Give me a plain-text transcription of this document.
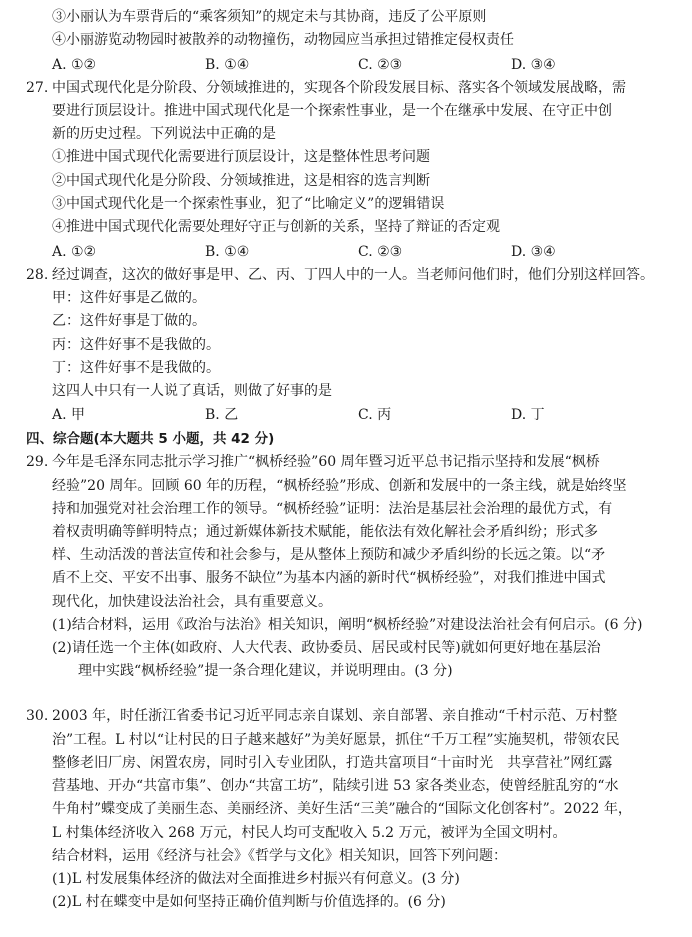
③小丽认为车票背后的“乘客须知”的规定未与其协商，违反了公平原则
④小丽游览动物园时被散养的动物撞伤，动物园应当承担过错推定侵权责任
A. ①②	B. ①④	C. ②③	D. ③④
27. 中国式现代化是分阶段、分领域推进的，实现各个阶段发展目标、落实各个领域发展战略，需
要进行顶层设计。推进中国式现代化是一个探索性事业，是一个在继承中发展、在守正中创
新的历史过程。下列说法中正确的是
①推进中国式现代化需要进行顶层设计，这是整体性思考问题
②中国式现代化是分阶段、分领域推进，这是相容的选言判断
③中国式现代化是一个探索性事业，犯了“比喻定义”的逻辑错误
④推进中国式现代化需要处理好守正与创新的关系，坚持了辩证的否定观
A. ①②	B. ①④	C. ②③	D. ③④
28. 经过调查，这次的做好事是甲、乙、丙、丁四人中的一人。当老师问他们时，他们分别这样回答。
甲：这件好事是乙做的。
乙：这件好事是丁做的。
丙：这件好事不是我做的。
丁：这件好事不是我做的。
这四人中只有一人说了真话，则做了好事的是
A. 甲	B. 乙	C. 丙	D. 丁
四、综合题(本大题共 5 小题，共 42 分)
29. 今年是毛泽东同志批示学习推广“枫桥经验”60 周年暨习近平总书记指示坚持和发展“枫桥
经验”20 周年。回顾 60 年的历程，“枫桥经验”形成、创新和发展中的一条主线，就是始终坚
持和加强党对社会治理工作的领导。“枫桥经验”证明：法治是基层社会治理的最优方式，有
着权责明确等鲜明特点；通过新媒体新技术赋能，能依法有效化解社会矛盾纠纷；形式多
样、生动活泼的普法宣传和社会参与，是从整体上预防和减少矛盾纠纷的长远之策。以“矛
盾不上交、平安不出事、服务不缺位”为基本内涵的新时代“枫桥经验”，对我们推进中国式
现代化，加快建设法治社会，具有重要意义。
(1)结合材料，运用《政治与法治》相关知识，阐明“枫桥经验”对建设法治社会有何启示。(6 分)
(2)请任选一个主体(如政府、人大代表、政协委员、居民或村民等)就如何更好地在基层治
理中实践“枫桥经验”提一条合理化建议，并说明理由。(3 分)
30. 2003 年，时任浙江省委书记习近平同志亲自谋划、亲自部署、亲自推动“千村示范、万村整
治”工程。L 村以“让村民的日子越来越好”为美好愿景，抓住“千万工程”实施契机，带领农民
整修老旧厂房、闲置农房，同时引入专业团队，打造共富项目“十亩时光　共享营社”网红露
营基地、开办“共富市集”、创办“共富工坊”，陆续引进 53 家各类业态，使曾经脏乱穷的“水
牛角村”蝶变成了美丽生态、美丽经济、美好生活“三美”融合的“国际文化创客村”。2022 年，
L 村集体经济收入 268 万元，村民人均可支配收入 5.2 万元，被评为全国文明村。
结合材料，运用《经济与社会》《哲学与文化》相关知识，回答下列问题：
(1)L 村发展集体经济的做法对全面推进乡村振兴有何意义。(3 分)
(2)L 村在蝶变中是如何坚持正确价值判断与价值选择的。(6 分)
